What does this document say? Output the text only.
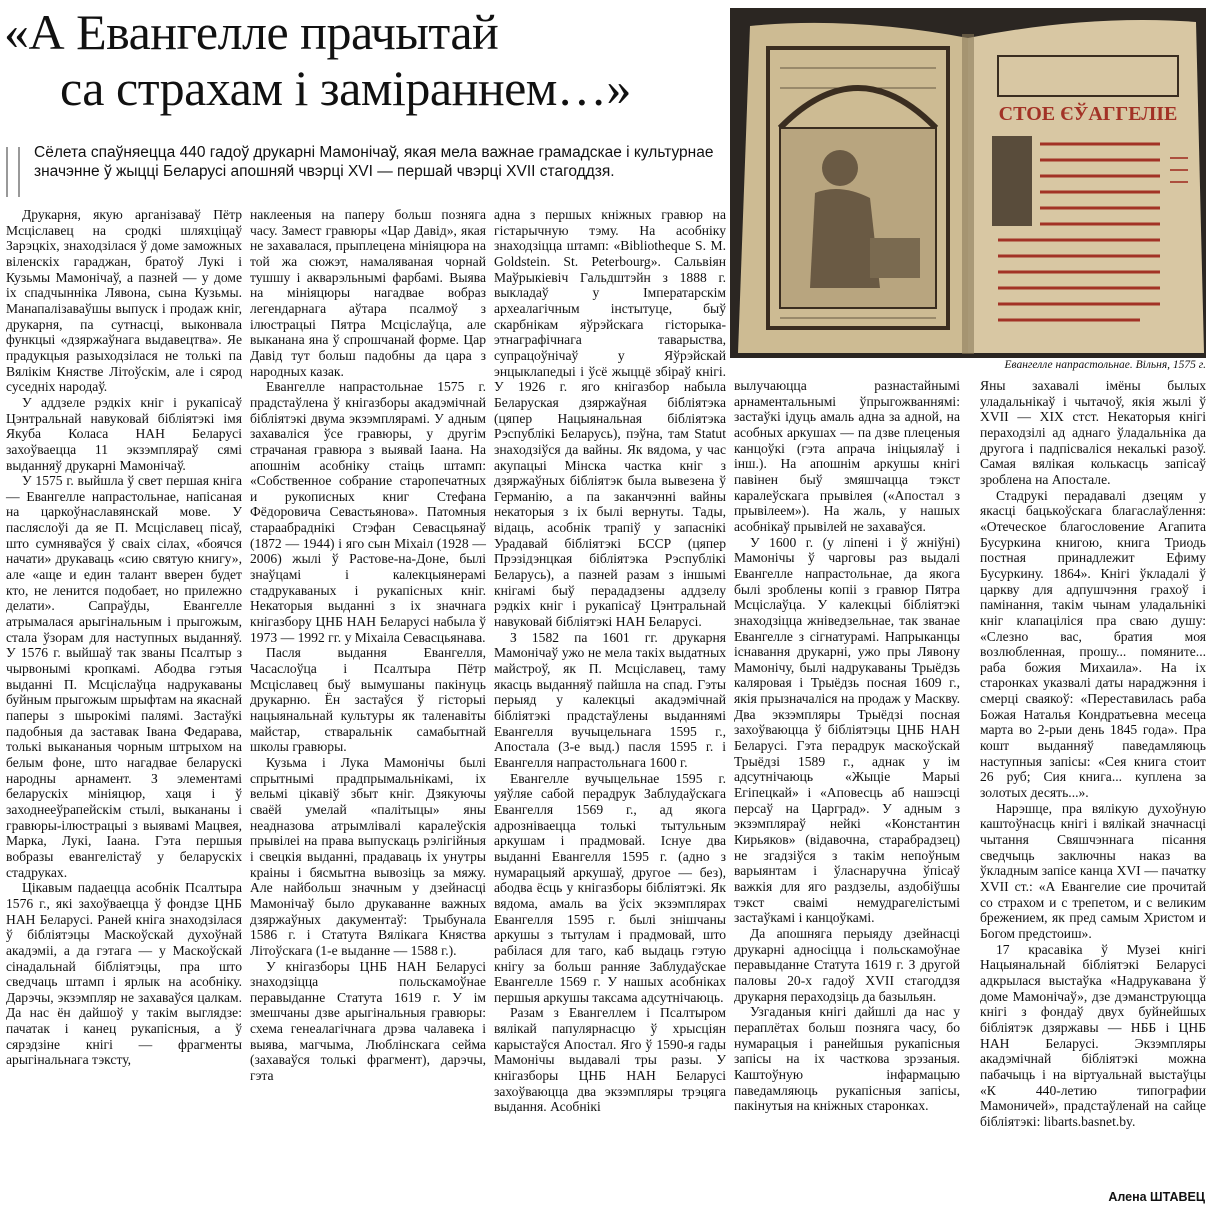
«А Евангелле прачытай
са страхам і заміраннем…»
Сёлета спаўняецца 440 гадоў друкарні Мамонічаў, якая мела важнае грамадскае і культурнае значэнне ў жыцці Беларусі апошняй чвэрці XVI — першай чвэрці XVII стагоддзя.
СТОЕ ЄЎАГГЕЛІЕ
Евангелле напрастольнае. Вільня, 1575 г.

Друкарня, якую арганізаваў Пётр Мсціславец на сродкі шляхціцаў Зарэцкіх, знаходзілася ў доме заможных віленскіх гараджан, братоў Лукі і Кузьмы Мамонічаў, а пазней — у доме іх спадчынніка Лявона, сына Кузьмы. Манапалізаваўшы выпуск і продаж кніг, друкарня, па сутнасці, выконвала функцыі «дзяржаўнага выдавецтва». Яе прадукцыя разыходзілася не толькі па Вялікім Княстве Літоўскім, але і сярод суседніх народаў.

У аддзеле рэдкіх кніг і рукапісаў Цэнтральнай навуковай бібліятэкі імя Якуба Коласа НАН Беларусі захоўваецца 11 экзэмпляраў сямі выданняў друкарні Мамонічаў.

У 1575 г. выйшла ў свет першая кніга — Евангелле напрастольнае, напісаная на царкоўнаславянскай мове. У пасляслоўі да яе П. Мсціславец пісаў, што сумняваўся ў сваіх сілах, «боячся начати» друкаваць «сию святую книгу», але «аще и един талант вверен будет кто, не ленится подобает, но прилежно делати». Сапраўды, Евангелле атрымалася арыгінальным і прыгожым, стала ўзорам для наступных выданняў. У 1576 г. выйшаў так званы Псалтыр з чырвонымі кропкамі. Абодва гэтыя выданні П. Мсціслаўца надрукаваны буйным прыгожым шрыфтам на якаснай паперы з шырокімі палямі. Застаўкі падобныя да заставак Івана Федарава, толькі выкананыя чорным штрыхом на белым фоне, што нагадвае беларускі народны арнамент. З элементамі беларускіх мініяцюр, хаця і ў заходнееўрапейскім стылі, выкананы і гравюры-ілюстрацыі з выявамі Мацвея, Марка, Лукі, Іаана. Гэта першыя вобразы евангелістаў у беларускіх стадруках.

Цікавым падаецца асобнік Псалтыра 1576 г., які захоўваецца ў фондзе ЦНБ НАН Беларусі. Раней кніга знаходзілася ў бібліятэцы Маскоўскай духоўнай акадэміі, а да гэтага — у Маскоўскай сінадальнай бібліятэцы, пра што сведчаць штамп і ярлык на асобніку. Дарэчы, экзэмпляр не захаваўся цалкам. Да нас ён дайшоў у такім выглядзе: пачатак і канец рукапісныя, а ў сярэдзіне кнігі — фрагменты арыгінальнага тэксту,

наклееныя на паперу больш позняга часу. Замест гравюры «Цар Давід», якая не захавалася, прыплецена мініяцюра на той жа сюжэт, намаляваная чорнай тушшу і акварэльнымі фарбамі. Выява на мініяцюры нагадвае вобраз легендарнага аўтара псалмоў з ілюстрацыі Пятра Мсціслаўца, але выканана яна ў спрошчанай форме. Цар Давід тут больш падобны да цара з народных казак.

Евангелле напрастольнае 1575 г. прадстаўлена ў кнігазборы акадэмічнай бібліятэкі двума экзэмплярамі. У адным захаваліся ўсе гравюры, у другім страчаная гравюра з выявай Іаана. На апошнім асобніку стаіць штамп: «Собственное собрание старопечатных и рукописных книг Стефана Фёдоровича Севастьянова». Патомныя стараабраднікі Стэфан Севасцьянаў (1872 — 1944) і яго сын Міхаіл (1928 — 2006) жылі ў Растове-на-Доне, былі знаўцамі і калекцыянерамі стадрукаваных і рукапісных кніг. Некаторыя выданні з іх значнага кнігазбору ЦНБ НАН Беларусі набыла ў 1973 — 1992 гг. у Міхаіла Севасцьянава.

Пасля выдання Евангелля, Часаслоўца і Псалтыра Пётр Мсціславец быў вымушаны пакінуць друкарню. Ён застаўся ў гісторыі нацыянальнай культуры як таленавіты майстар, стваральнік самабытнай школы гравюры.

Кузьма і Лука Мамонічы былі спрытнымі прадпрымальнікамі, іх вельмі цікавіў збыт кніг. Дзякуючы сваёй умелай «палітыцы» яны неадназова атрымлівалі каралеўскія прывілеі на права выпускаць рэлігійныя і свецкія выданні, прадаваць іх унутры краіны і бясмытна вывозіць за мяжу. Але найбольш значным у дзейнасці Мамонічаў было друкаванне важных дзяржаўных дакументаў: Трыбунала 1586 г. і Статута Вялікага Княства Літоўскага (1-е выданне — 1588 г.).

У кнігазборы ЦНБ НАН Беларусі знаходзіцца польскамоўнае перавыданне Статута 1619 г. У ім змешчаны дзве арыгінальныя гравюры: схема генеалагічнага дрэва чалавека і выява, магчыма, Люблінскага сейма (захаваўся толькі фрагмент), дарэчы, гэта

адна з першых кніжных гравюр на гістарычную тэму. На асобніку знаходзіцца штамп: «Bibliotheque S. M. Goldstein. St. Peterbourg». Сальвіян Маўрыкіевіч Гальдштэйн з 1888 г. выкладаў у Імператарскім археалагічным інстытуце, быў скарбнікам яўрэйскага гісторыка-этнаграфічнага таварыства, супрацоўнічаў у Яўрэйскай энцыклапедыі і ўсё жыццё збіраў кнігі. У 1926 г. яго кнігазбор набыла Беларуская дзяржаўная бібліятэка (цяпер Нацыянальная бібліятэка Рэспублікі Беларусь), пэўна, там Statut знаходзіўся да вайны. Як вядома, у час акупацыі Мінска частка кніг з дзяржаўных бібліятэк была вывезена ў Германію, а па заканчэнні вайны некаторыя з іх былі вернуты. Тады, відаць, асобнік трапіў у запаснікі Урадавай бібліятэкі БССР (цяпер Прэзідэнцкая бібліятэка Рэспублікі Беларусь), а пазней разам з іншымі кнігамі быў перададзены аддзелу рэдкіх кніг і рукапісаў Цэнтральнай навуковай бібліятэкі НАН Беларусі.

З 1582 па 1601 гг. друкарня Мамонічаў ужо не мела такіх выдатных майстроў, як П. Мсціславец, таму якасць выданняў пайшла на спад. Гэты перыяд у калекцыі акадэмічнай бібліятэкі прадстаўлены выданнямі Евангелля вучыцельнага 1595 г., Апостала (3-е выд.) пасля 1595 г. і Евангелля напрастольнага 1600 г.

Евангелле вучыцельнае 1595 г. уяўляе сабой перадрук Заблудаўскага Евангелля 1569 г., ад якога адрозніваецца толькі тытульным аркушам і прадмовай. Існуе два выданні Евангелля 1595 г. (адно з нумарацыяй аркушаў, другое — без), абодва ёсць у кнігазборы бібліятэкі. Як вядома, амаль ва ўсіх экзэмплярах Евангелля 1595 г. былі знішчаны аркушы з тытулам і прадмовай, што рабілася для таго, каб выдаць гэтую кнігу за больш ранняе Заблудаўскае Евангелле 1569 г. У нашых асобніках першыя аркушы таксама адсутнічаюць.

Разам з Евангеллем і Псалтыром вялікай папулярнасцю ў хрысціян карыстаўся Апостал. Яго ў 1590-я гады Мамонічы выдавалі тры разы. У кнігазборы ЦНБ НАН Беларусі захоўваюцца два экзэмпляры трэцяга выдання. Асобнікі

вылучаюцца разнастайнымі арнаментальнымі ўпрыгожваннямі: застаўкі ідуць амаль адна за адной, на асобных аркушах — па дзве плеценыя канцоўкі (гэта апрача ініцыялаў і інш.). На апошнім аркушы кнігі павінен быў змяшчацца тэкст каралеўскага прывілея («Апостал з прывілеем»). На жаль, у нашых асобнікаў прывілей не захаваўся.

У 1600 г. (у ліпені і ў жніўні) Мамонічы ў чарговы раз выдалі Евангелле напрастольнае, да якога былі зроблены копіі з гравюр Пятра Мсціслаўца. У калекцыі бібліятэкі знаходзіцца жніведзельнае, так званае Евангелле з сігнатурамі. Напрыканцы існавання друкарні, ужо пры Лявону Мамонічу, былі надрукаваны Трыёдзь каляровая і Трыёдзь посная 1609 г., якія прызначаліся на продаж у Маскву. Два экзэмпляры Трыёдзі посная захоўваюцца ў бібліятэцы ЦНБ НАН Беларусі. Гэта перадрук маскоўскай Трыёдзі 1589 г., аднак у ім адсутнічаюць «Жыціе Марыі Егіпецкай» і «Аповесць аб нашэсці персаў на Царград». У адным з экзэмпляраў нейкі «Константин Кирьяков» (відавочна, старабрадзец) не згадзіўся з такім непоўным варыянтам і ўласнаручна ўпісаў важкія для яго раздзелы, аздобіўшы тэкст сваімі немудрагелістымі застаўкамі і канцоўкамі.

Да апошняга перыяду дзейнасці друкарні адносіцца і польскамоўнае перавыданне Статута 1619 г. З другой паловы 20-х гадоў XVII стагоддзя друкарня пераходзіць да базыльян.

Узгаданыя кнігі дайшлі да нас у пераплётах больш позняга часу, бо нумарацыя і ранейшыя рукапісныя запісы на іх часткова зрэзаныя. Каштоўную інфармацыю паведамляюць рукапісныя запісы, пакінутыя на кніжных старонках.

Яны захавалі імёны былых уладальнікаў і чытачоў, якія жылі ў XVII — XIX стст. Некаторыя кнігі пераходзілі ад аднаго ўладальніка да другога і падпісваліся некалькі разоў. Самая вялікая колькасць запісаў зроблена на Апостале.

Стадрукі перадавалі дзецям у якасці бацькоўскага благаслаўлення: «Отеческое благословение Агапита Бусуркина книгою, книга Триодь постная принадлежит Ефиму Бусуркину. 1864». Кнігі ўкладалі ў царкву для адпушчэння грахоў і памінання, такім чынам уладальнікі кніг клапаціліся пра сваю душу: «Слезно вас, братия моя возлюбленная, прошу... помяните... раба божия Михаила». На іх старонках указвалі даты нараджэння і смерці сваякоў: «Переставилась раба Божая Наталья Кондратьевна месеца марта во 2-рыи день 1845 года». Пра кошт выданняў паведамляюць наступныя запісы: «Сея книга стоит 26 руб; Сия книга... куплена за золотых десять...».

Нарэшце, пра вялікую духоўную каштоўнасць кнігі і вялікай значнасці чытання Свяшчэннага пісання сведчыць заключны наказ ва ўкладным запісе канца XVI — пачатку XVII ст.: «А Евангелие сие прочитай со страхом и с трепетом, и с великим брежением, як пред самым Христом и Богом предстоиш».

17 красавіка ў Музеі кнігі Нацыянальнай бібліятэкі Беларусі адкрылася выстаўка «Надрукавана ў доме Мамонічаў», дзе дэманструюцца кнігі з фондаў двух буйнейшых бібліятэк дзяржавы — НББ і ЦНБ НАН Беларусі. Экзэмпляры акадэмічнай бібліятэкі можна пабачыць і на віртуальнай выстаўцы «К 440-летию типографии Мамоничей», прадстаўленай на сайце бібліятэкі: libarts.basnet.by.

Алена ШТАВЕЦ
